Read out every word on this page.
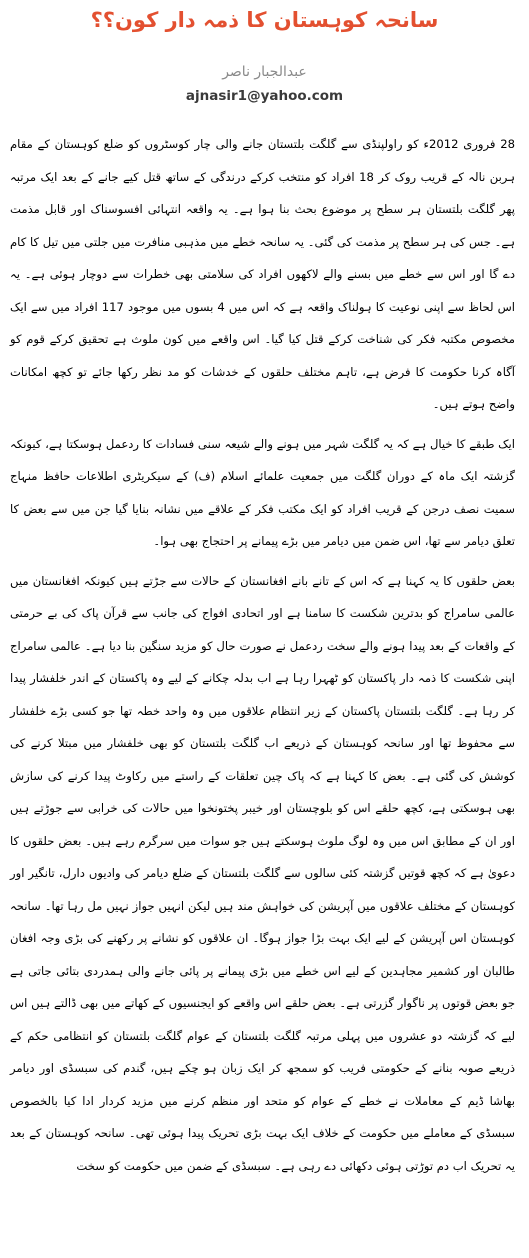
سانحہ کوہستان کا ذمہ دار کون؟؟
عبدالجبار ناصر
ajnasir1@yahoo.com

28 فروری 2012ء کو راولپنڈی سے گلگت بلتستان جانے والی چار کوسٹروں کو ضلع کوہستان کے مقام ہربن نالہ کے قریب روک کر 18 افراد کو منتخب کرکے درندگی کے ساتھ قتل کیے جانے کے بعد ایک مرتبہ پھر گلگت بلتستان ہر سطح پر موضوع بحث بنا ہوا ہے۔ یہ واقعہ انتہائی افسوسناک اور قابل مذمت ہے۔ جس کی ہر سطح پر مذمت کی گئی۔ یہ سانحہ خطے میں مذہبی منافرت میں جلتی میں تیل کا کام دے گا اور اس سے خطے میں بسنے والے لاکھوں افراد کی سلامتی بھی خطرات سے دوچار ہوئی ہے۔ یہ اس لحاظ سے اپنی نوعیت کا ہولناک واقعہ ہے کہ اس میں 4 بسوں میں موجود 117 افراد میں سے ایک مخصوص مکتبہ فکر کی شناخت کرکے قتل کیا گیا۔ اس واقعے میں کون ملوث ہے تحقیق کرکے قوم کو آگاہ کرنا حکومت کا فرض ہے، تاہم مختلف حلقوں کے خدشات کو مد نظر رکھا جائے تو کچھ امکانات واضح ہوتے ہیں۔

ایک طبقے کا خیال ہے کہ یہ گلگت شہر میں ہونے والے شیعہ سنی فسادات کا ردعمل ہوسکتا ہے، کیونکہ گزشتہ ایک ماہ کے دوران گلگت میں جمعیت علمائے اسلام (ف) کے سیکریٹری اطلاعات حافظ منہاج سمیت نصف درجن کے قریب افراد کو ایک مکتب فکر کے علاقے میں نشانہ بنایا گیا جن میں سے بعض کا تعلق دیامر سے تھا، اس ضمن میں دیامر میں بڑے پیمانے پر احتجاج بھی ہوا۔

بعض حلقوں کا یہ کہنا ہے کہ اس کے تانے بانے افغانستان کے حالات سے جڑتے ہیں کیونکہ افغانستان میں عالمی سامراج کو بدترین شکست کا سامنا ہے اور اتحادی افواج کی جانب سے قرآن پاک کی بے حرمتی کے واقعات کے بعد پیدا ہونے والے سخت ردعمل نے صورت حال کو مزید سنگین بنا دیا ہے۔ عالمی سامراج اپنی شکست کا ذمہ دار پاکستان کو ٹھہرا رہا ہے اب بدلہ چکانے کے لیے وہ پاکستان کے اندر خلفشار پیدا کر رہا ہے۔ گلگت بلتستان پاکستان کے زیر انتظام علاقوں میں وہ واحد خطہ تھا جو کسی بڑے خلفشار سے محفوظ تھا اور سانحہ کوہستان کے ذریعے اب گلگت بلتستان کو بھی خلفشار میں مبتلا کرنے کی کوشش کی گئی ہے۔ بعض کا کہنا ہے کہ پاک چین تعلقات کے راستے میں رکاوٹ پیدا کرنے کی سازش بھی ہوسکتی ہے، کچھ حلقے اس کو بلوچستان اور خیبر پختونخوا میں حالات کی خرابی سے جوڑتے ہیں اور ان کے مطابق اس میں وہ لوگ ملوث ہوسکتے ہیں جو سوات میں سرگرم رہے ہیں۔ بعض حلقوں کا دعویٰ ہے کہ کچھ قوتیں گزشتہ کئی سالوں سے گلگت بلتستان کے ضلع دیامر کی وادیوں دارل، تانگیر اور کوہستان کے مختلف علاقوں میں آپریشن کی خواہش مند ہیں لیکن انہیں جواز نہیں مل رہا تھا۔ سانحہ کوہستان اس آپریشن کے لیے ایک بہت بڑا جواز ہوگا۔ ان علاقوں کو نشانے پر رکھنے کی بڑی وجہ افغان طالبان اور کشمیر مجاہدین کے لیے اس خطے میں بڑی پیمانے پر پائی جانے والی ہمدردی بتائی جاتی ہے جو بعض قوتوں پر ناگوار گزرتی ہے۔ بعض حلقے اس واقعے کو ایجنسیوں کے کھاتے میں بھی ڈالتے ہیں اس لیے کہ گزشتہ دو عشروں میں پہلی مرتبہ گلگت بلتستان کے عوام گلگت بلتستان کو انتظامی حکم کے ذریعے صوبہ بنانے کے حکومتی فریب کو سمجھ کر ایک زبان ہو چکے ہیں، گندم کی سبسڈی اور دیامر بھاشا ڈیم کے معاملات نے خطے کے عوام کو متحد اور منظم کرنے میں مزید کردار ادا کیا بالخصوص سبسڈی کے معاملے میں حکومت کے خلاف ایک بہت بڑی تحریک پیدا ہوئی تھی۔ سانحہ کوہستان کے بعد یہ تحریک اب دم توڑتی ہوئی دکھائی دے رہی ہے۔ سبسڈی کے ضمن میں حکومت کو سخت
